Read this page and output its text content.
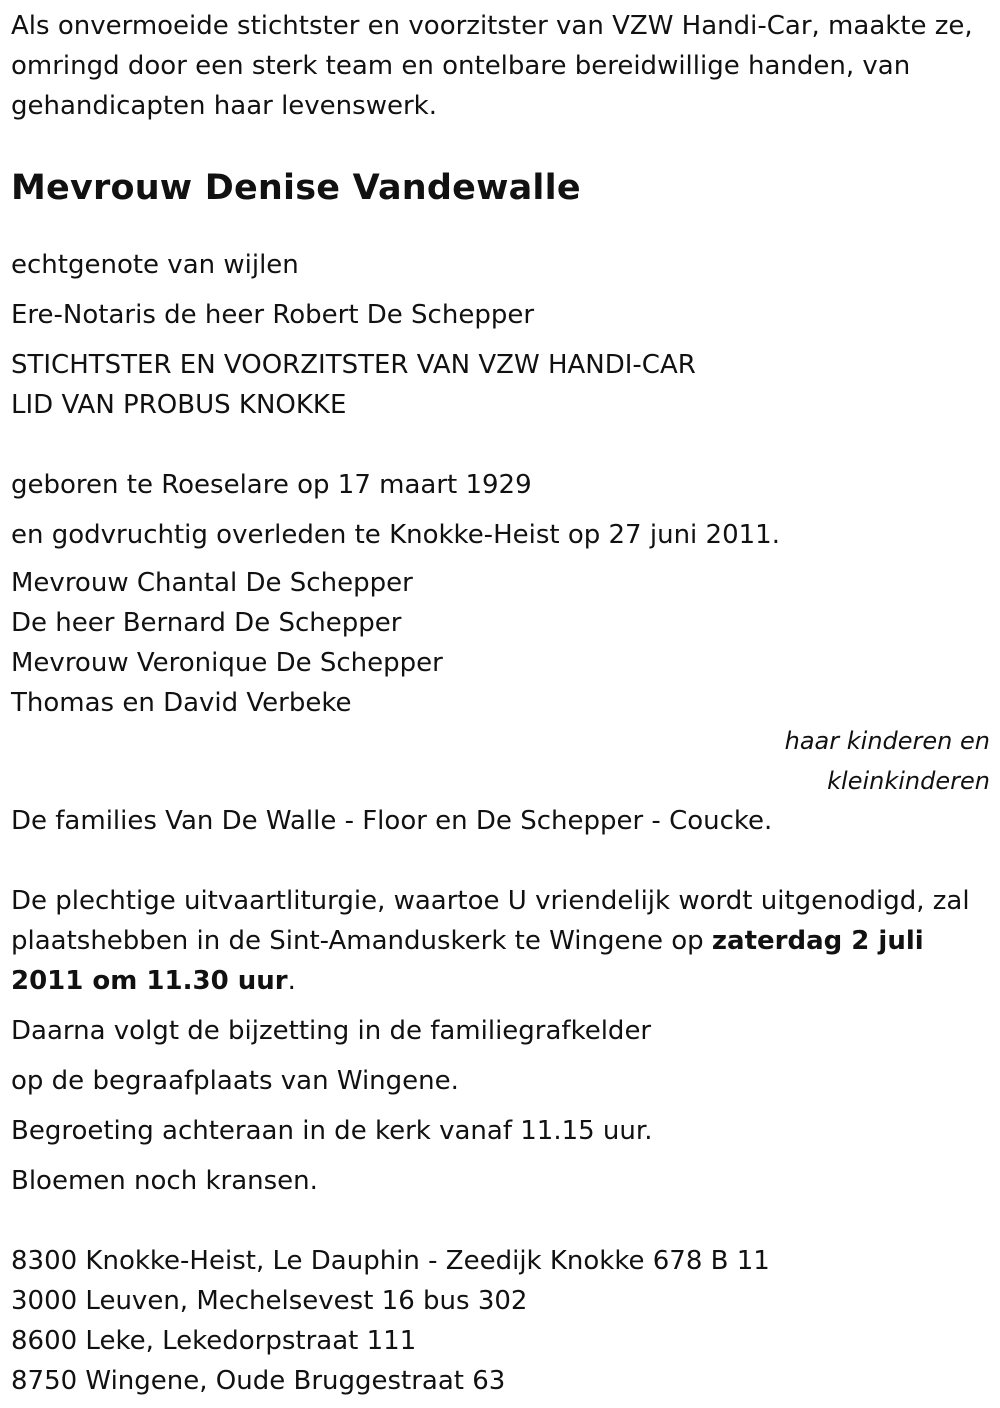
Als onvermoeide stichtster en voorzitster van VZW Handi-Car, maakte ze, omringd door een sterk team en ontelbare bereidwillige handen, van gehandicapten haar levenswerk.

Mevrouw Denise Vandewalle

echtgenote van wijlen

Ere-Notaris de heer Robert De Schepper

STICHTSTER EN VOORZITSTER VAN VZW HANDI-CAR
LID VAN PROBUS KNOKKE

geboren te Roeselare op 17 maart 1929

en godvruchtig overleden te Knokke-Heist op 27 juni 2011.

Mevrouw Chantal De Schepper
De heer Bernard De Schepper
Mevrouw Veronique De Schepper
Thomas en David Verbeke
haar kinderen en
kleinkinderen

De families Van De Walle - Floor en De Schepper - Coucke.

De plechtige uitvaartliturgie, waartoe U vriendelijk wordt uitgenodigd, zal plaatshebben in de Sint-Amanduskerk te Wingene op zaterdag 2 juli 2011 om 11.30 uur.

Daarna volgt de bijzetting in de familiegrafkelder

op de begraafplaats van Wingene.

Begroeting achteraan in de kerk vanaf 11.15 uur.

Bloemen noch kransen.

8300 Knokke-Heist, Le Dauphin - Zeedijk Knokke 678 B 11
3000 Leuven, Mechelsevest 16 bus 302
8600 Leke, Lekedorpstraat 111
8750 Wingene, Oude Bruggestraat 63
